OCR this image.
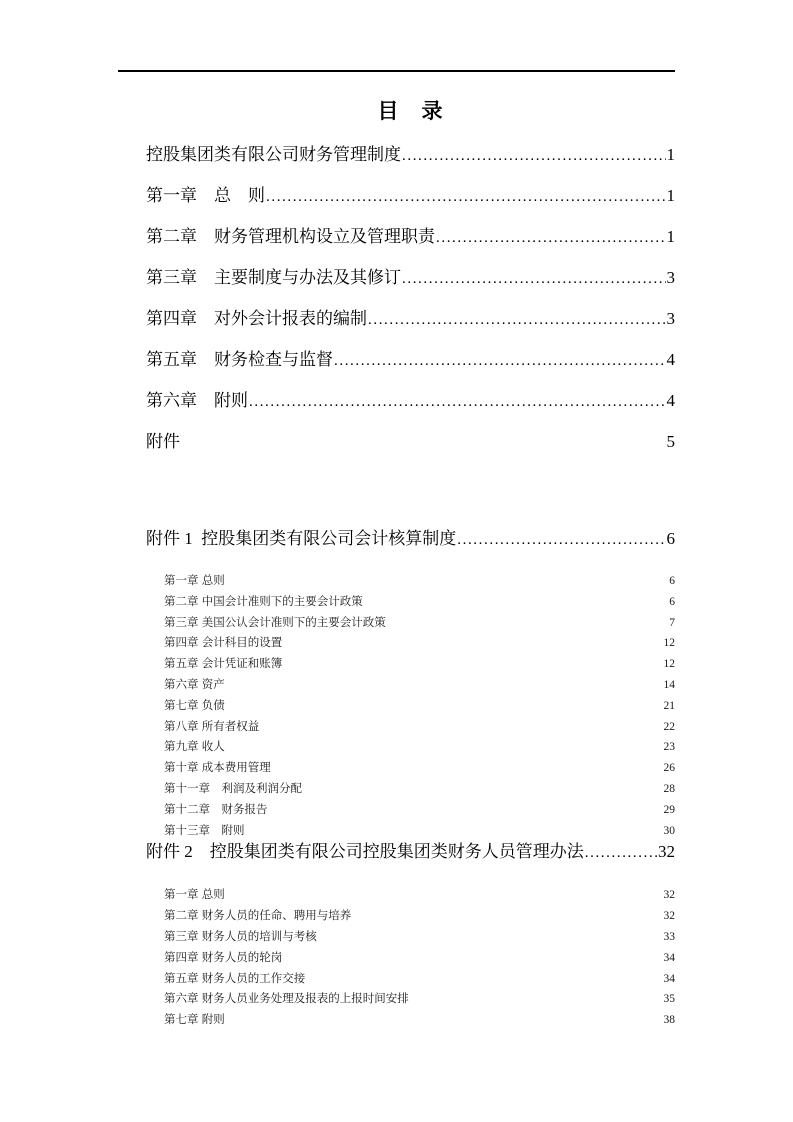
目　录
控股集团类有限公司财务管理制度 .....	1
第一章　总　则 .....	1
第二章　财务管理机构设立及管理职责 .....	1
第三章　主要制度与办法及其修订 .....	3
第四章　对外会计报表的编制 .....	3
第五章　财务检查与监督 .....	4
第六章　附则 .....	4
附件	5
附件 1  控股集团类有限公司会计核算制度 .....	6
第一章 总则	6
第二章 中国会计准则下的主要会计政策	6
第三章 美国公认会计准则下的主要会计政策	7
第四章 会计科目的设置	12
第五章 会计凭证和账簿	12
第六章 资产	14
第七章 负债	21
第八章 所有者权益	22
第九章 收人	23
第十章 成本费用管理	26
第十一章　利润及利润分配	28
第十二章　财务报告	29
第十三章　附则	30
附件 2　控股集团类有限公司控股集团类财务人员管理办法 .....	32
第一章 总则	32
第二章 财务人员的任命、聘用与培养	32
第三章 财务人员的培训与考核	33
第四章 财务人员的轮岗	34
第五章 财务人员的工作交接	34
第六章 财务人员业务处理及报表的上报时间安排	35
第七章 附则	38
